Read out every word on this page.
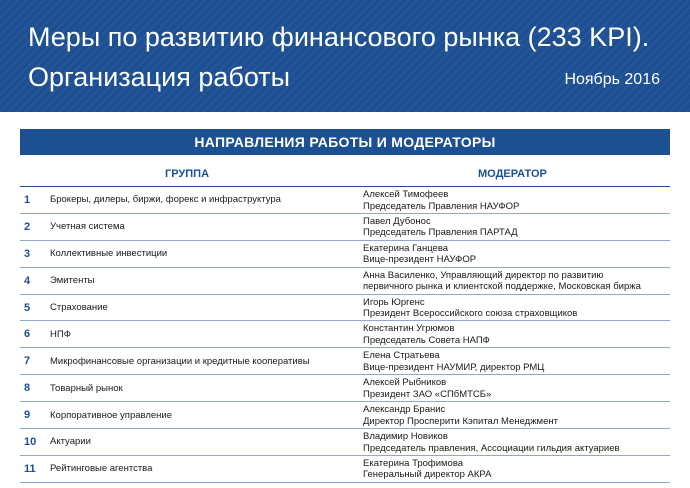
Меры по развитию финансового рынка (233 KPI).
Организация работы	Ноябрь 2016
НАПРАВЛЕНИЯ РАБОТЫ И МОДЕРАТОРЫ
ГРУППА	МОДЕРАТОР
1 Брокеры, дилеры, биржи, форекс и инфраструктура	Алексей Тимофеев
Председатель Правления НАУФОР
2 Учетная система	Павел Дубонос
Председатель Правления ПАРТАД
3 Коллективные инвестиции	Екатерина Ганцева
Вице-президент НАУФОР
4 Эмитенты	Анна Василенко, Управляющий директор по развитию
первичного рынка и клиентской поддержке, Московская биржа
5 Страхование	Игорь Юргенс
Президент Всероссийского союза страховщиков
6 НПФ	Константин Угрюмов
Председатель Совета НАПФ
7 Микрофинансовые организации и кредитные кооперативы	Елена Стратьева
Вице-президент НАУМИР, директор РМЦ
8 Товарный рынок	Алексей Рыбников
Президент ЗАО «СПбМТСБ»
9 Корпоративное управление	Александр Бранис
Директор Просперити Кэпитал Менеджмент
10 Актуарии	Владимир Новиков
Председатель правления, Ассоциации гильдия актуариев
11 Рейтинговые агентства	Екатерина Трофимова
Генеральный директор АКРА
